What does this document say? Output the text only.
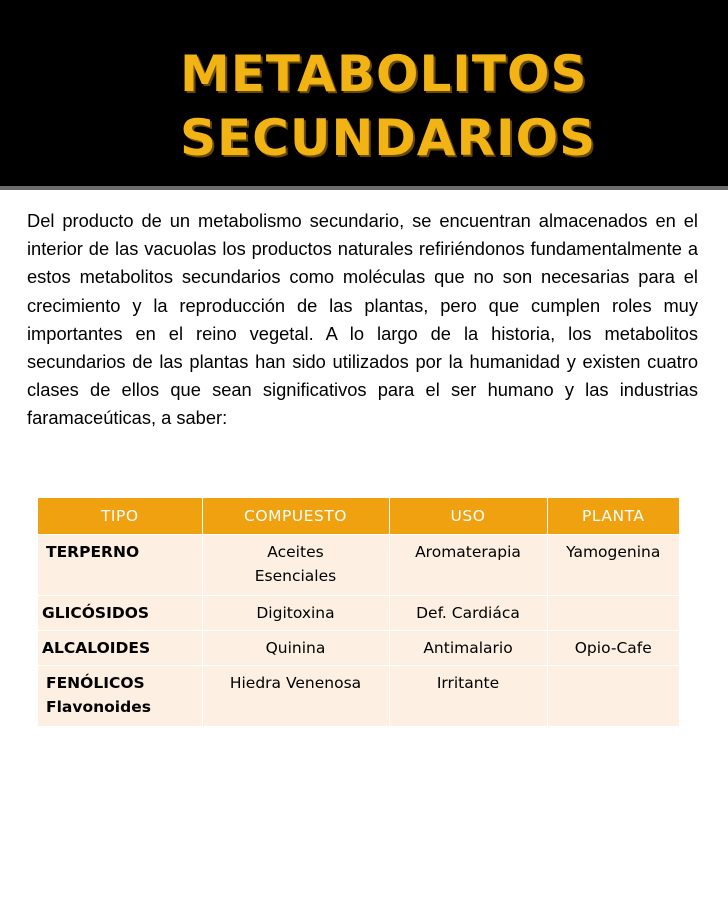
METABOLITOS
SECUNDARIOS
Del producto de un metabolismo secundario, se encuentran almacenados en el interior de las vacuolas los productos naturales refiriéndonos fundamentalmente a estos metabolitos secundarios como moléculas que no son necesarias para el crecimiento y la reproducción de las plantas, pero que cumplen roles muy importantes en el reino vegetal. A lo largo de la historia, los metabolitos secundarios de las plantas han sido utilizados por la humanidad y existen cuatro clases de ellos que sean significativos para el ser humano y las industrias faramaceúticas, a saber:
TIPO	COMPUESTO	USO	PLANTA
TERPERNO	Aceites Esenciales	Aromaterapia	Yamogenina
GLICÓSIDOS	Digitoxina	Def. Cardiáca	
ALCALOIDES	Quinina	Antimalario	Opio-Cafe

FENÓLICOS
Flavonoides	Hiedra Venenosa	Irritante	
